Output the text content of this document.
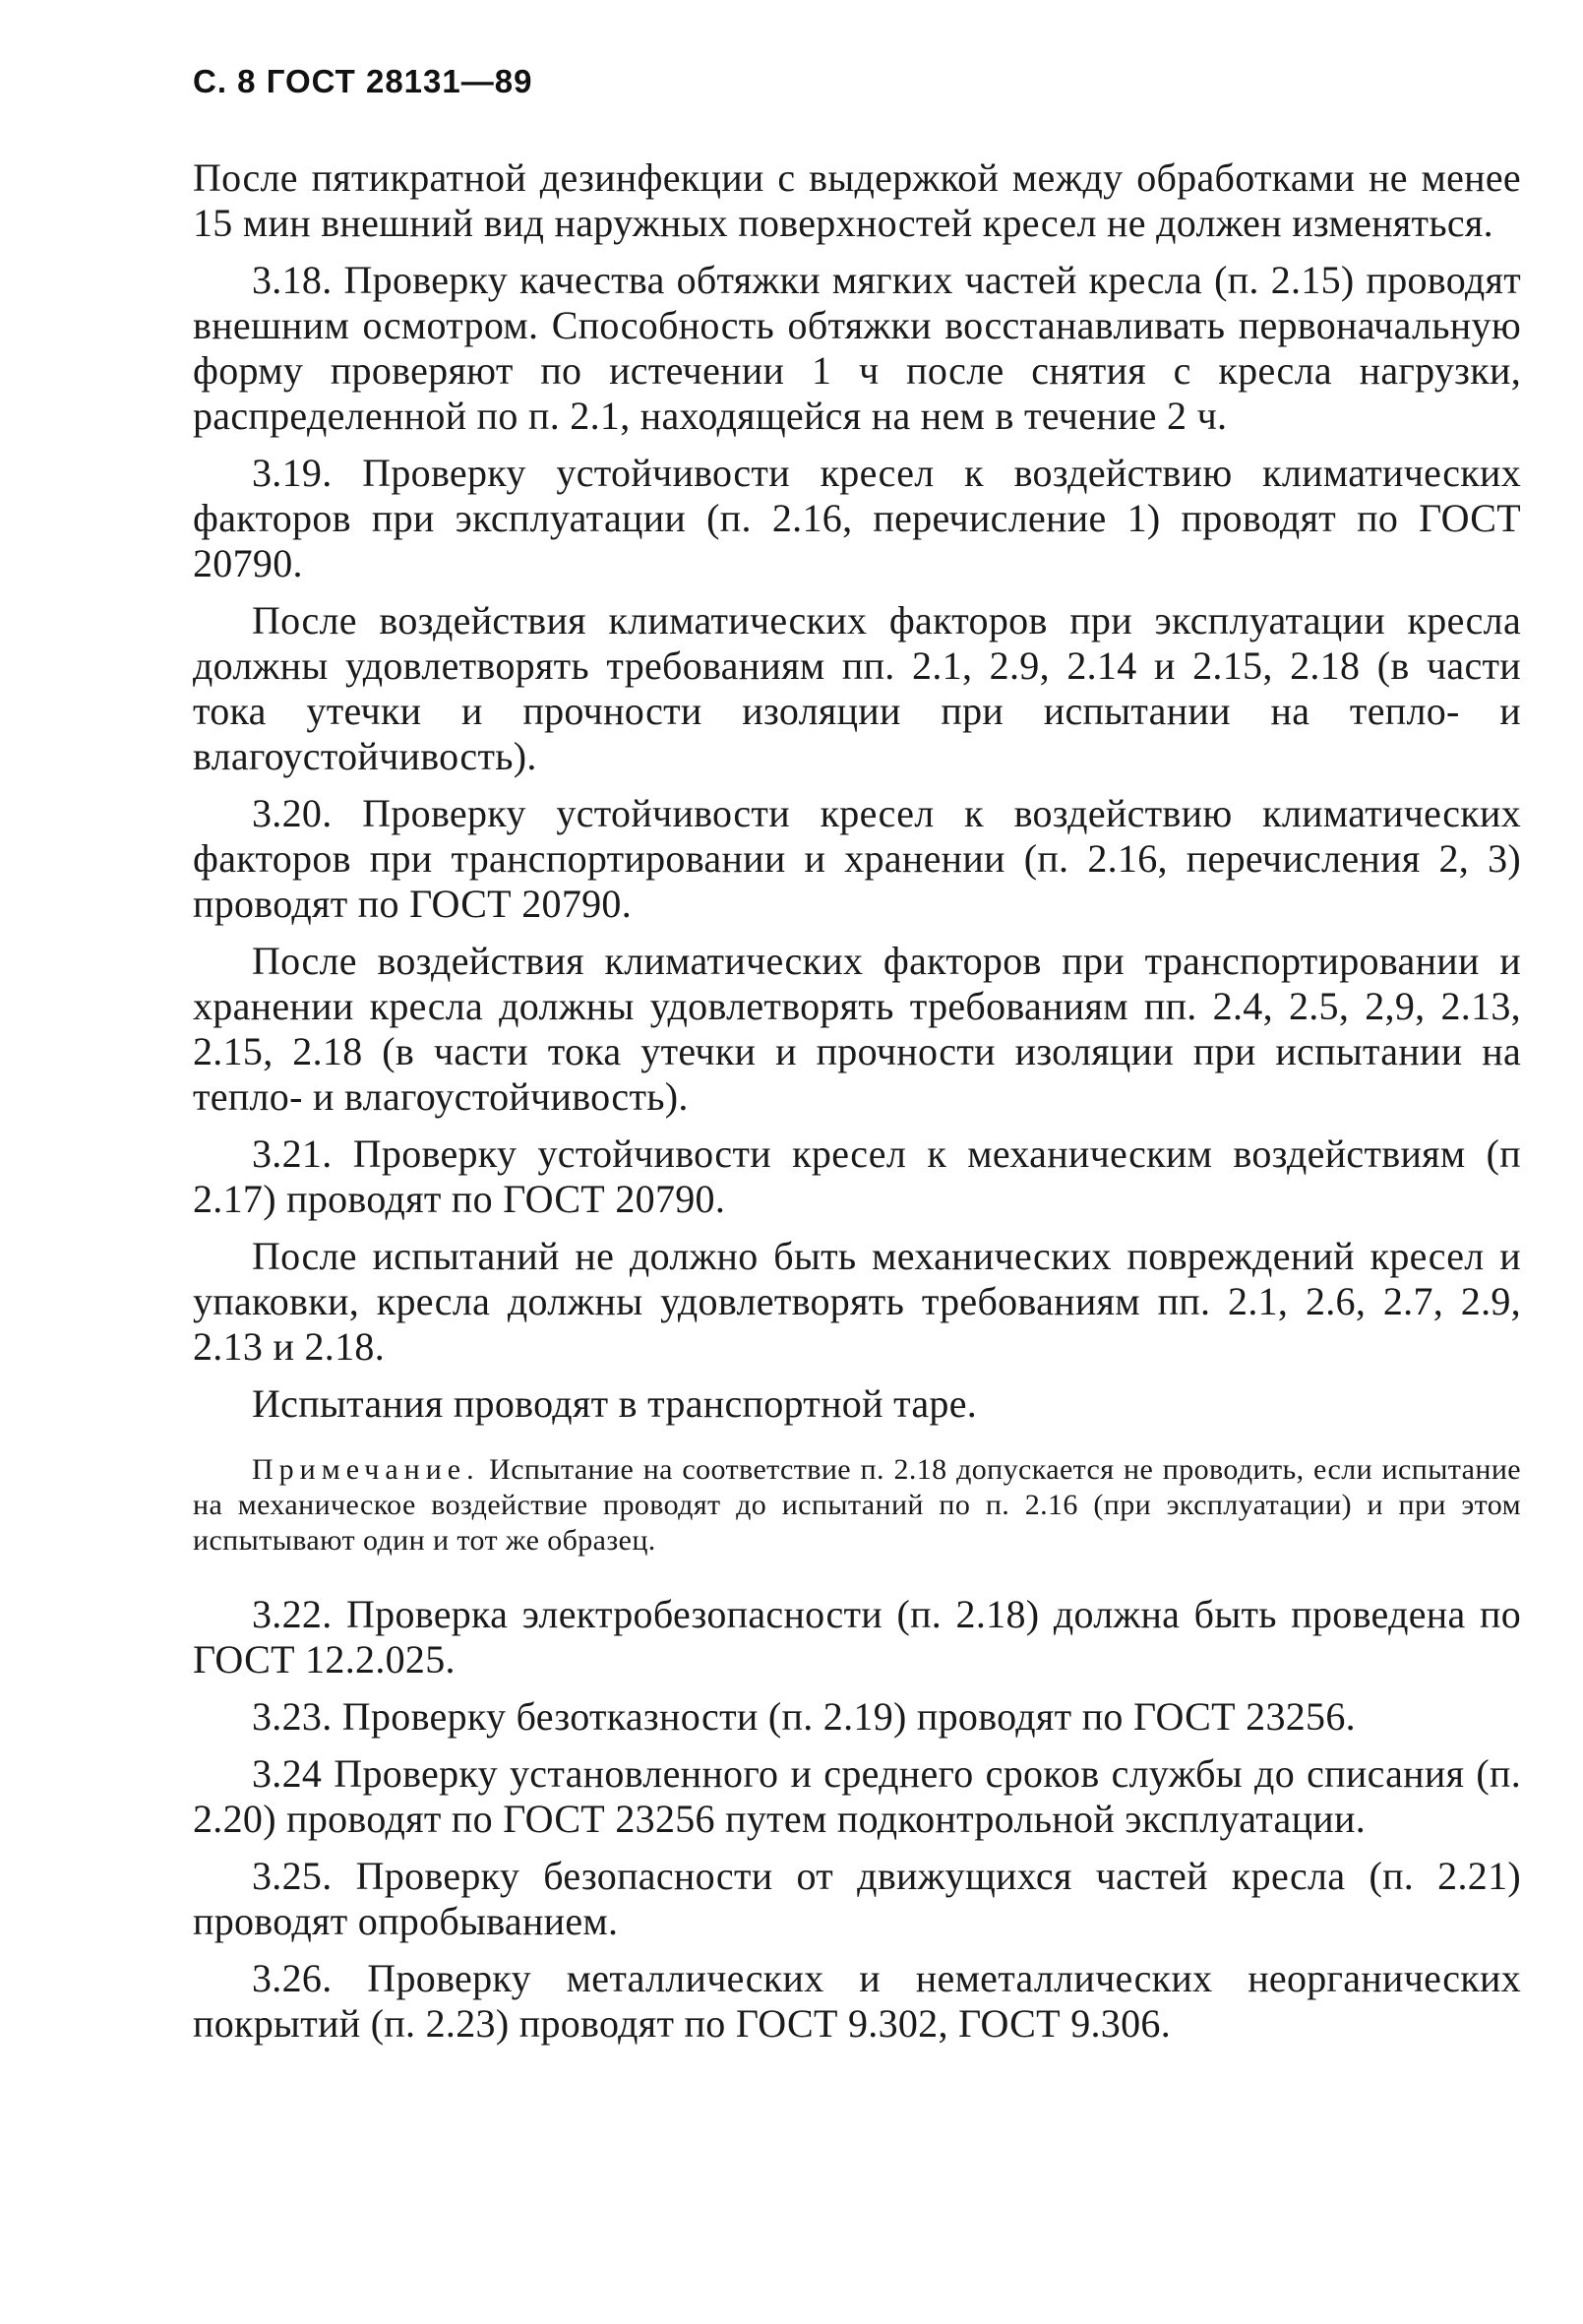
С. 8 ГОСТ 28131—89

После пятикратной дезинфекции с выдержкой между обработками не менее 15 мин внешний вид наружных поверхностей кресел не должен изменяться.

3.18. Проверку качества обтяжки мягких частей кресла (п. 2.15) проводят внешним осмотром. Способность обтяжки восстанавливать первоначальную форму проверяют по истечении 1 ч после снятия с кресла нагрузки, распределенной по п. 2.1, находящейся на нем в течение 2 ч.

3.19. Проверку устойчивости кресел к воздействию климатических факторов при эксплуатации (п. 2.16, перечисление 1) проводят по ГОСТ 20790.

После воздействия климатических факторов при эксплуатации кресла должны удовлетворять требованиям пп. 2.1, 2.9, 2.14 и 2.15, 2.18 (в части тока утечки и прочности изоляции при испытании на тепло- и влагоустойчивость).

3.20. Проверку устойчивости кресел к воздействию климатических факторов при транспортировании и хранении (п. 2.16, перечисления 2, 3) проводят по ГОСТ 20790.

После воздействия климатических факторов при транспортировании и хранении кресла должны удовлетворять требованиям пп. 2.4, 2.5, 2,9, 2.13, 2.15, 2.18 (в части тока утечки и прочности изоляции при испытании на тепло- и влагоустойчивость).

3.21. Проверку устойчивости кресел к механическим воздействиям (п 2.17) проводят по ГОСТ 20790.

После испытаний не должно быть механических повреждений кресел и упаковки, кресла должны удовлетворять требованиям пп. 2.1, 2.6, 2.7, 2.9, 2.13 и 2.18.

Испытания проводят в транспортной таре.

Примечание. Испытание на соответствие п. 2.18 допускается не проводить, если испытание на механическое воздействие проводят до испытаний по п. 2.16 (при эксплуатации) и при этом испытывают один и тот же образец.

3.22. Проверка электробезопасности (п. 2.18) должна быть проведена по ГОСТ 12.2.025.

3.23. Проверку безотказности (п. 2.19) проводят по ГОСТ 23256.

3.24 Проверку установленного и среднего сроков службы до списания (п. 2.20) проводят по ГОСТ 23256 путем подконтрольной эксплуатации.

3.25. Проверку безопасности от движущихся частей кресла (п. 2.21) проводят опробыванием.

3.26. Проверку металлических и неметаллических неорганических покрытий (п. 2.23) проводят по ГОСТ 9.302, ГОСТ 9.306.
